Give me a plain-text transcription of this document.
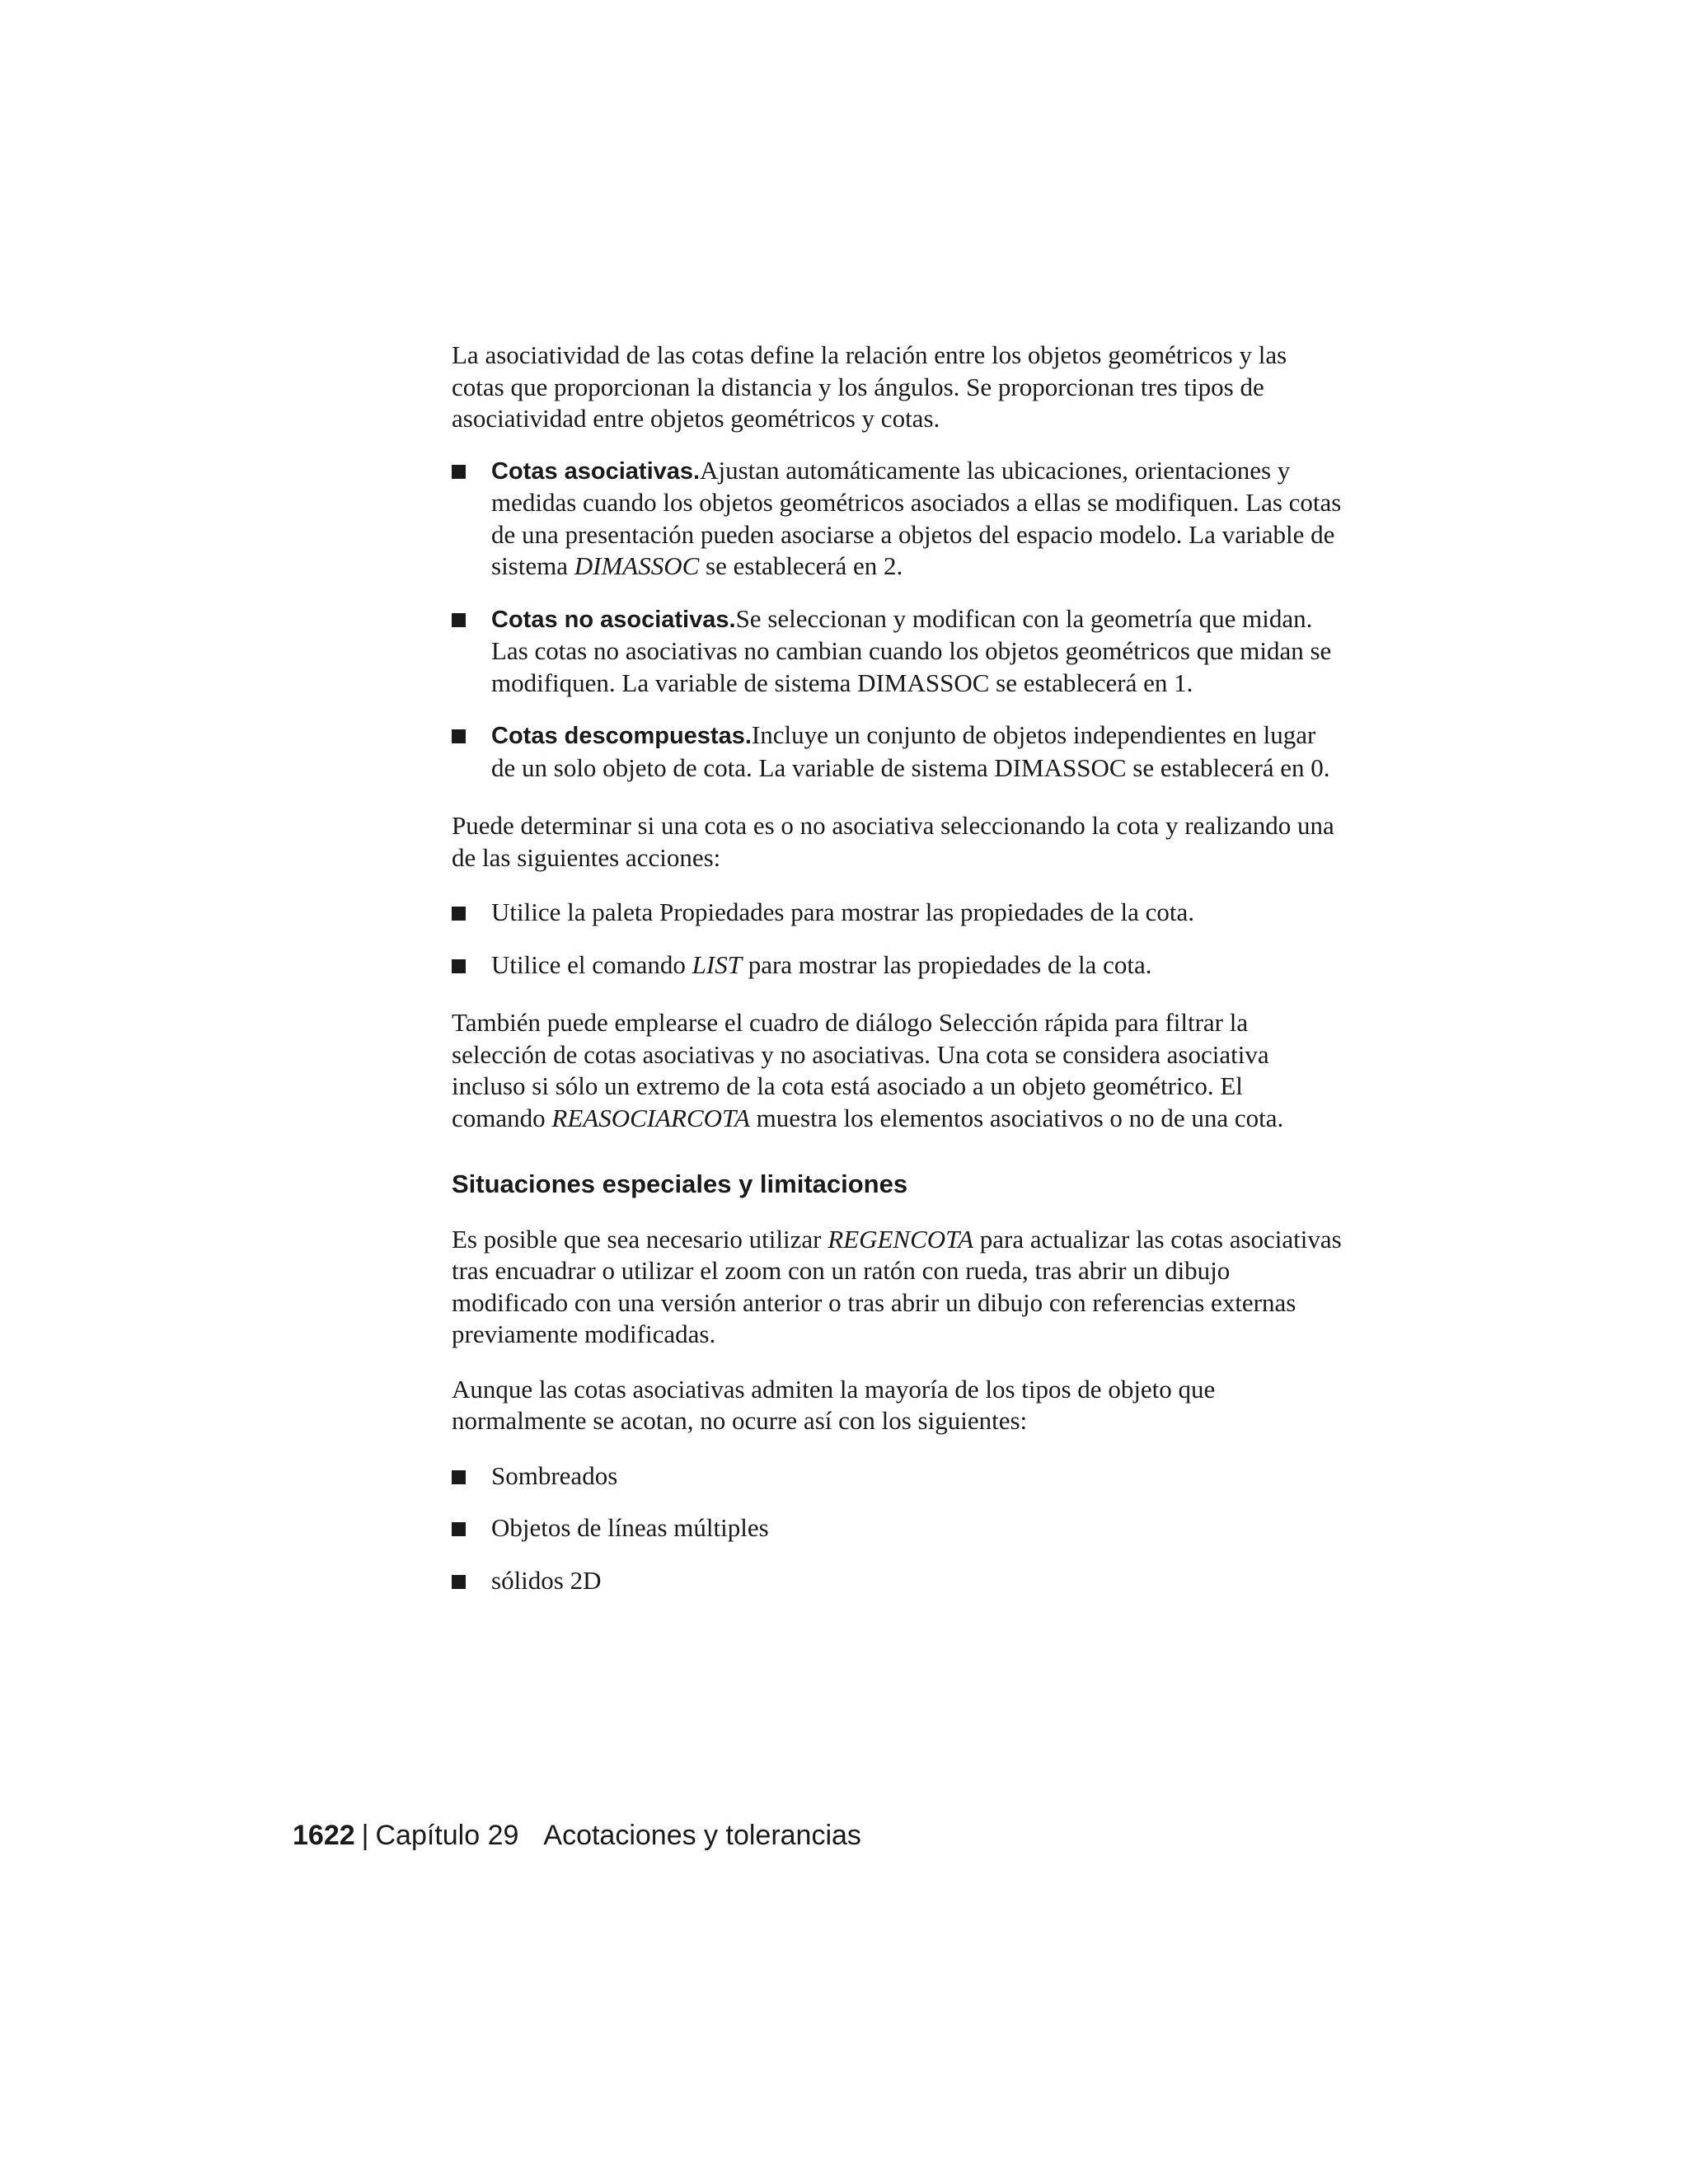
La asociatividad de las cotas define la relación entre los objetos geométricos y las cotas que proporcionan la distancia y los ángulos. Se proporcionan tres tipos de asociatividad entre objetos geométricos y cotas.

Cotas asociativas.Ajustan automáticamente las ubicaciones, orientaciones y medidas cuando los objetos geométricos asociados a ellas se modifiquen. Las cotas de una presentación pueden asociarse a objetos del espacio modelo. La variable de sistema DIMASSOC se establecerá en 2.
Cotas no asociativas.Se seleccionan y modifican con la geometría que midan. Las cotas no asociativas no cambian cuando los objetos geométricos que midan se modifiquen. La variable de sistema DIMASSOC se establecerá en 1.
Cotas descompuestas.Incluye un conjunto de objetos independientes en lugar de un solo objeto de cota. La variable de sistema DIMASSOC se establecerá en 0.

Puede determinar si una cota es o no asociativa seleccionando la cota y realizando una de las siguientes acciones:

Utilice la paleta Propiedades para mostrar las propiedades de la cota.
Utilice el comando LIST para mostrar las propiedades de la cota.

También puede emplearse el cuadro de diálogo Selección rápida para filtrar la selección de cotas asociativas y no asociativas. Una cota se considera asociativa incluso si sólo un extremo de la cota está asociado a un objeto geométrico. El comando REASOCIARCOTA muestra los elementos asociativos o no de una cota.

Situaciones especiales y limitaciones

Es posible que sea necesario utilizar REGENCOTA para actualizar las cotas asociativas tras encuadrar o utilizar el zoom con un ratón con rueda, tras abrir un dibujo modificado con una versión anterior o tras abrir un dibujo con referencias externas previamente modificadas.

Aunque las cotas asociativas admiten la mayoría de los tipos de objeto que normalmente se acotan, no ocurre así con los siguientes:

Sombreados
Objetos de líneas múltiples
sólidos 2D
1622 | Capítulo 29 Acotaciones y tolerancias
